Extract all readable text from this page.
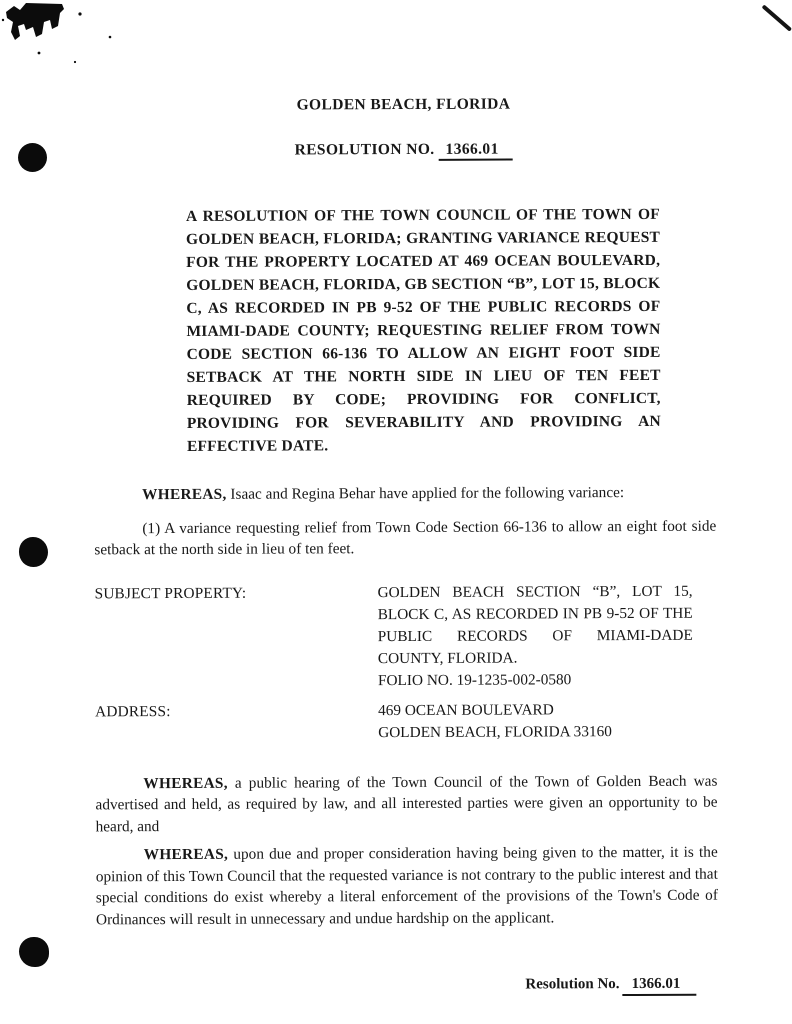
GOLDEN BEACH, FLORIDA
RESOLUTION NO. 1366.01

A RESOLUTION OF THE TOWN COUNCIL OF THE TOWN OF GOLDEN BEACH, FLORIDA; GRANTING VARIANCE REQUEST FOR THE PROPERTY LOCATED AT 469 OCEAN BOULEVARD, GOLDEN BEACH, FLORIDA, GB SECTION “B”, LOT 15, BLOCK C, AS RECORDED IN PB 9-52 OF THE PUBLIC RECORDS OF MIAMI-DADE COUNTY; REQUESTING RELIEF FROM TOWN CODE SECTION 66-136 TO ALLOW AN EIGHT FOOT SIDE SETBACK AT THE NORTH SIDE IN LIEU OF TEN FEET REQUIRED BY CODE; PROVIDING FOR CONFLICT, PROVIDING FOR SEVERABILITY AND PROVIDING AN EFFECTIVE DATE.

WHEREAS, Isaac and Regina Behar have applied for the following variance:

(1) A variance requesting relief from Town Code Section 66-136 to allow an eight foot side setback at the north side in lieu of ten feet.

SUBJECT PROPERTY:	GOLDEN BEACH SECTION “B”, LOT 15, BLOCK C, AS RECORDED IN PB 9-52 OF THE PUBLIC RECORDS OF MIAMI-DADE COUNTY, FLORIDA.
FOLIO NO. 19-1235-002-0580
ADDRESS:	469 OCEAN BOULEVARD
GOLDEN BEACH, FLORIDA 33160

WHEREAS, a public hearing of the Town Council of the Town of Golden Beach was advertised and held, as required by law, and all interested parties were given an opportunity to be heard, and

WHEREAS, upon due and proper consideration having being given to the matter, it is the opinion of this Town Council that the requested variance is not contrary to the public interest and that special conditions do exist whereby a literal enforcement of the provisions of the Town's Code of Ordinances will result in unnecessary and undue hardship on the applicant.

Resolution No. 1366.01
